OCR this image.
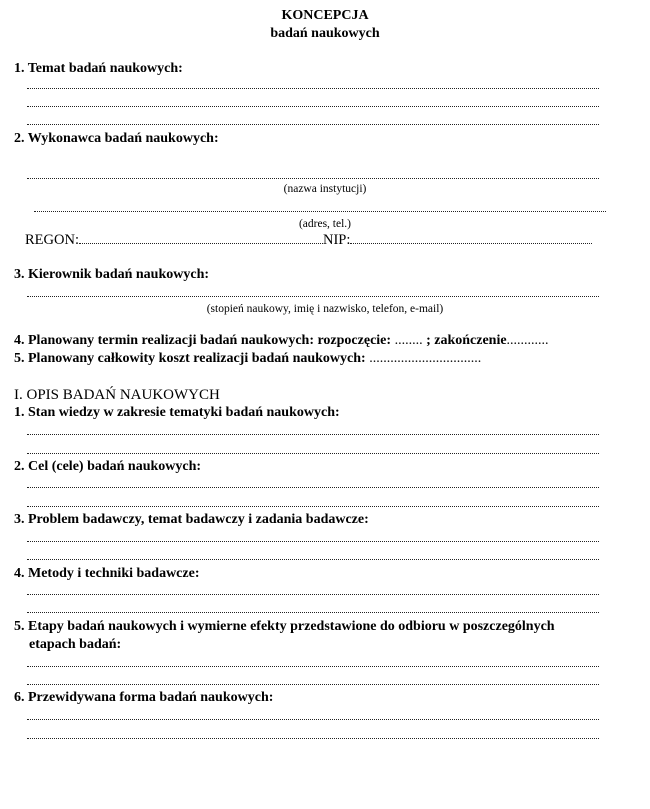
KONCEPCJA
badań naukowych
1. Temat badań naukowych:
2. Wykonawca badań naukowych:
(nazwa instytucji)
(adres, tel.)
REGON:	NIP:
3. Kierownik badań naukowych:
(stopień naukowy, imię i nazwisko, telefon, e-mail)
4. Planowany termin realizacji badań naukowych: rozpoczęcie: ........ ; zakończenie............
5. Planowany całkowity koszt realizacji badań naukowych: ................................
I. OPIS BADAŃ NAUKOWYCH
1. Stan wiedzy w zakresie tematyki badań naukowych:
2. Cel (cele) badań naukowych:
3. Problem badawczy, temat badawczy i zadania badawcze:
4. Metody i techniki badawcze:
5. Etapy badań naukowych i wymierne efekty przedstawione do odbioru w poszczególnych
etapach badań:
6. Przewidywana forma badań naukowych:
